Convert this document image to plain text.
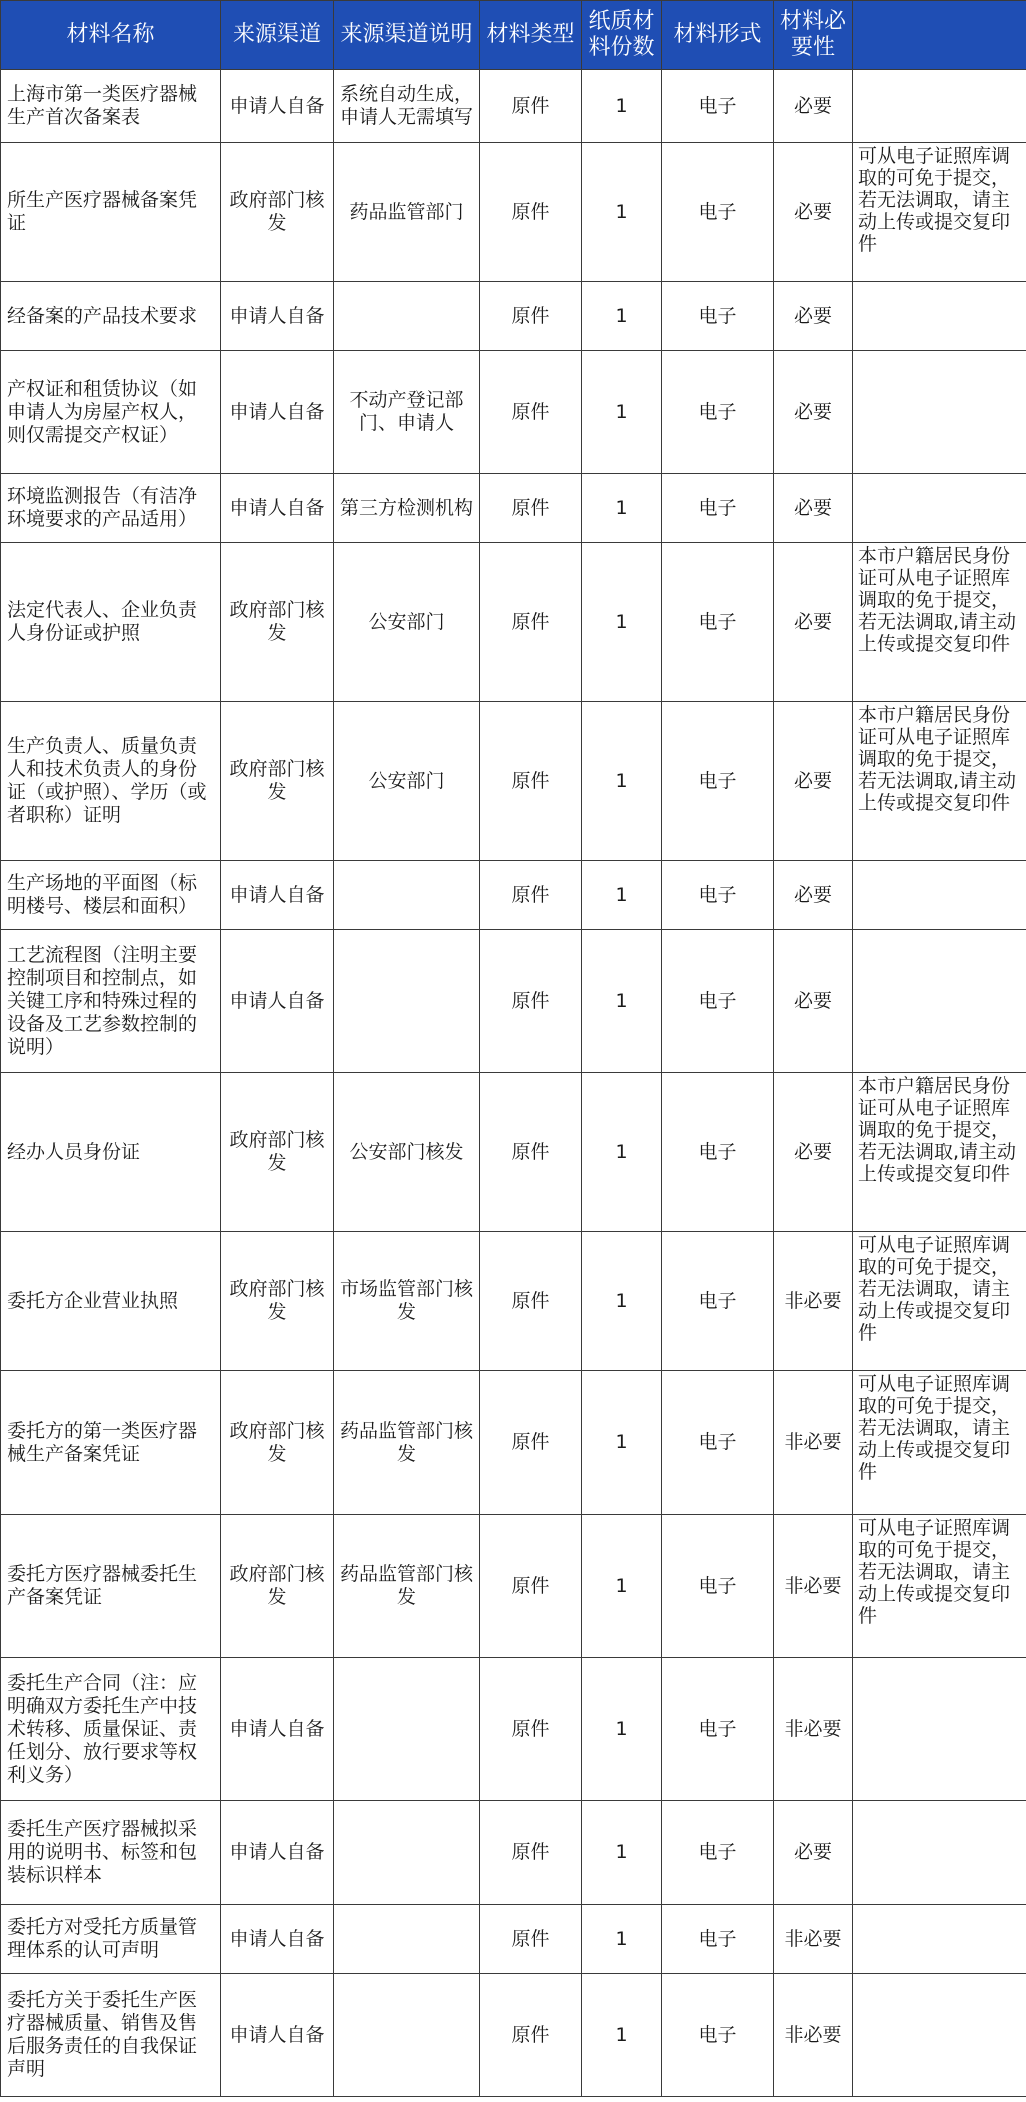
材料名称	来源渠道	来源渠道说明	材料类型	纸质材料份数	材料形式	材料必要性	
上海市第一类医疗器械生产首次备案表	申请人自备	系统自动生成，申请人无需填写	原件	1	电子	必要	
所生产医疗器械备案凭证	政府部门核发	药品监管部门	原件	1	电子	必要	可从电子证照库调取的可免于提交，若无法调取，请主动上传或提交复印件
经备案的产品技术要求	申请人自备		原件	1	电子	必要	
产权证和租赁协议（如申请人为房屋产权人，则仅需提交产权证）	申请人自备	不动产登记部门、申请人	原件	1	电子	必要	
环境监测报告（有洁净环境要求的产品适用）	申请人自备	第三方检测机构	原件	1	电子	必要	
法定代表人、企业负责人身份证或护照	政府部门核发	公安部门	原件	1	电子	必要	本市户籍居民身份证可从电子证照库调取的免于提交，若无法调取,请主动上传或提交复印件
生产负责人、质量负责人和技术负责人的身份证（或护照）、学历（或者职称）证明	政府部门核发	公安部门	原件	1	电子	必要	本市户籍居民身份证可从电子证照库调取的免于提交，若无法调取,请主动上传或提交复印件
生产场地的平面图（标明楼号、楼层和面积）	申请人自备		原件	1	电子	必要	
工艺流程图（注明主要控制项目和控制点，如关键工序和特殊过程的设备及工艺参数控制的说明）	申请人自备		原件	1	电子	必要	
经办人员身份证	政府部门核发	公安部门核发	原件	1	电子	必要	本市户籍居民身份证可从电子证照库调取的免于提交，若无法调取,请主动上传或提交复印件
委托方企业营业执照	政府部门核发	市场监管部门核发	原件	1	电子	非必要	可从电子证照库调取的可免于提交，若无法调取，请主动上传或提交复印件
委托方的第一类医疗器械生产备案凭证	政府部门核发	药品监管部门核发	原件	1	电子	非必要	可从电子证照库调取的可免于提交，若无法调取，请主动上传或提交复印件
委托方医疗器械委托生产备案凭证	政府部门核发	药品监管部门核发	原件	1	电子	非必要	可从电子证照库调取的可免于提交，若无法调取，请主动上传或提交复印件
委托生产合同（注：应明确双方委托生产中技术转移、质量保证、责任划分、放行要求等权利义务）	申请人自备		原件	1	电子	非必要	
委托生产医疗器械拟采用的说明书、标签和包装标识样本	申请人自备		原件	1	电子	必要	
委托方对受托方质量管理体系的认可声明	申请人自备		原件	1	电子	非必要	
委托方关于委托生产医疗器械质量、销售及售后服务责任的自我保证声明	申请人自备		原件	1	电子	非必要	
